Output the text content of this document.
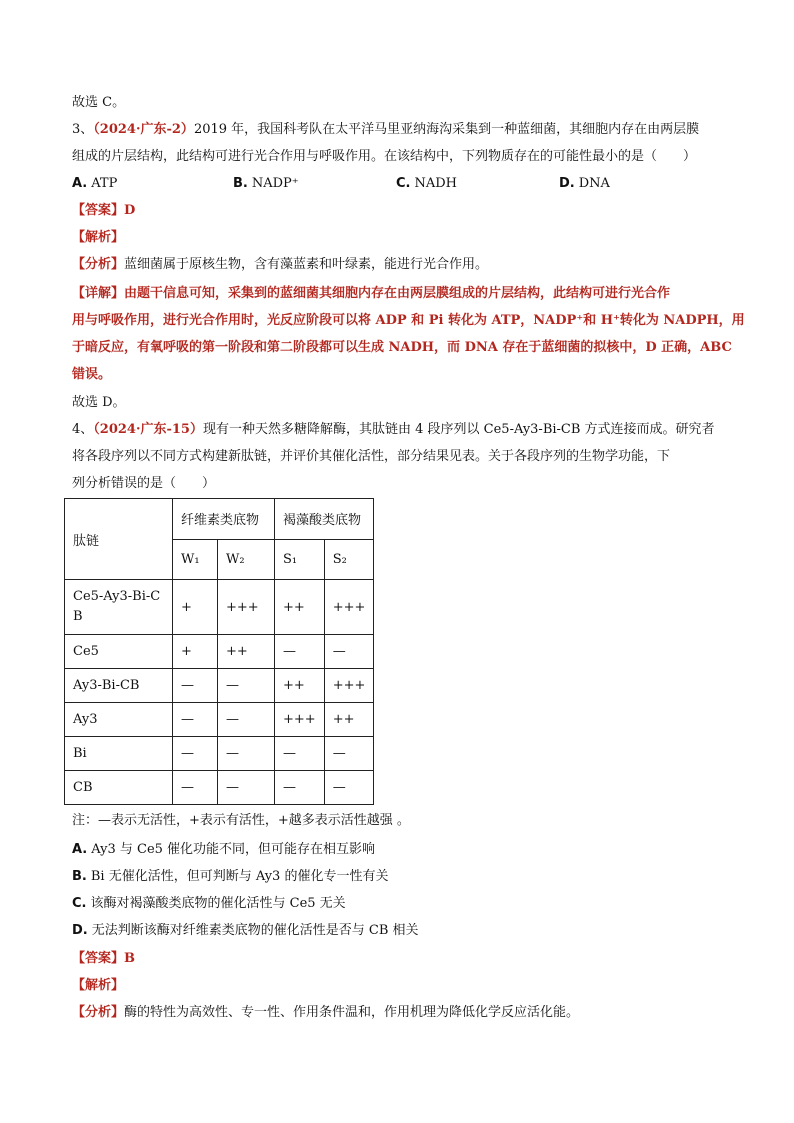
故选 C。
3、（2024·广东-2）2019 年，我国科考队在太平洋马里亚纳海沟采集到一种蓝细菌，其细胞内存在由两层膜
组成的片层结构，此结构可进行光合作用与呼吸作用。在该结构中，下列物质存在的可能性最小的是（　　）
A. ATP	B. NADP⁺	C. NADH	D. DNA
【答案】D
【解析】
【分析】蓝细菌属于原核生物，含有藻蓝素和叶绿素，能进行光合作用。
【详解】由题干信息可知，采集到的蓝细菌其细胞内存在由两层膜组成的片层结构，此结构可进行光合作
用与呼吸作用，进行光合作用时，光反应阶段可以将 ADP 和 Pi 转化为 ATP，NADP⁺和 H⁺转化为 NADPH，用
于暗反应，有氧呼吸的第一阶段和第二阶段都可以生成 NADH，而 DNA 存在于蓝细菌的拟核中，D 正确，ABC
错误。
故选 D。
4、（2024·广东-15）现有一种天然多糖降解酶，其肽链由 4 段序列以 Ce5-Ay3-Bi-CB 方式连接而成。研究者
将各段序列以不同方式构建新肽链，并评价其催化活性，部分结果见表。关于各段序列的生物学功能，下
列分析错误的是（　　）
肽链	纤维素类底物		褐藻酸类底物	
	W₁	W₂	S₁	S₂
Ce5-Ay3-Bi-CB	+	+++	++	+++
Ce5	+	++	—	—
Ay3-Bi-CB	—	—	++	+++
Ay3	—	—	+++	++
Bi	—	—	—	—
CB	—	—	—	—
注：—表示无活性，+表示有活性，+越多表示活性越强 。
A. Ay3 与 Ce5 催化功能不同，但可能存在相互影响
B. Bi 无催化活性，但可判断与 Ay3 的催化专一性有关
C. 该酶对褐藻酸类底物的催化活性与 Ce5 无关
D. 无法判断该酶对纤维素类底物的催化活性是否与 CB 相关
【答案】B
【解析】
【分析】酶的特性为高效性、专一性、作用条件温和，作用机理为降低化学反应活化能。
